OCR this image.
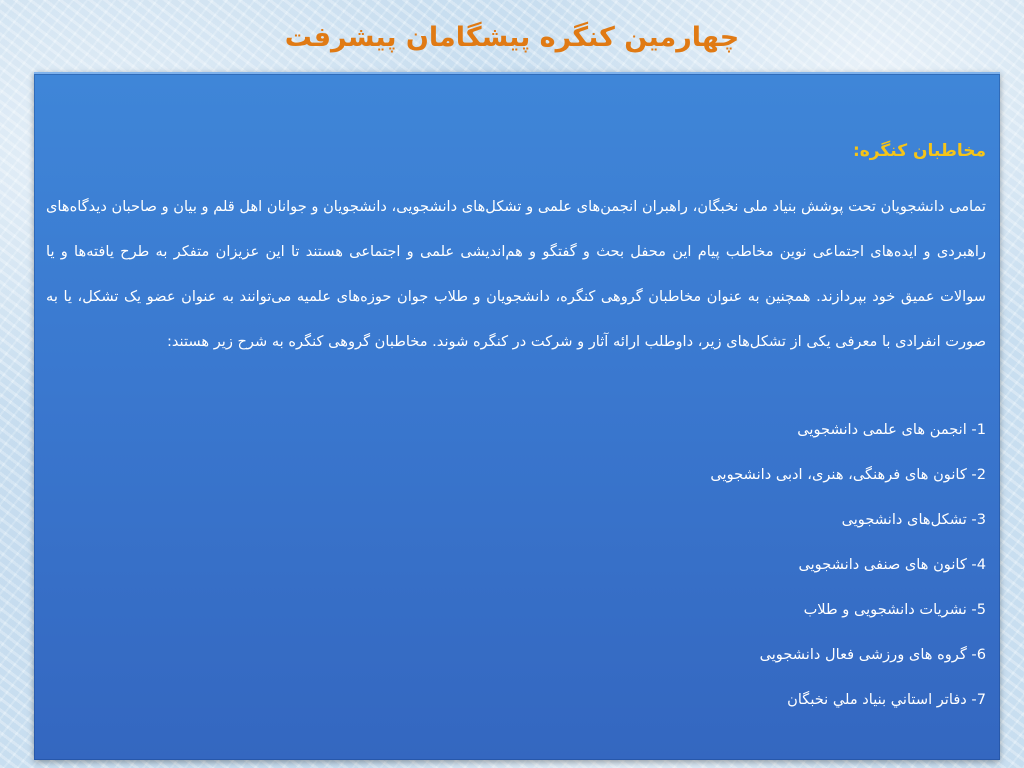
چهارمین کنگره پیشگامان پیشرفت
مخاطبان کنگره:

تمامی دانشجویان تحت پوشش بنیاد ملی نخبگان، راهبران انجمن‌های علمی و تشکل‌های دانشجویی، دانشجویان و جوانان اهل قلم و بیان و صاحبان دیدگاه‌های راهبردی و ایده‌های اجتماعی نوین مخاطب پیام این محفل بحث و گفتگو و هم‌اندیشی علمی و اجتماعی هستند تا این عزیزان متفکر به طرح یافته‌ها و یا سوالات عمیق خود بپردازند. همچنین به عنوان مخاطبان گروهی کنگره، دانشجویان و طلاب جوان حوزه‌های علمیه می‌توانند به عنوان عضو یک تشکل، یا به صورت انفرادی با معرفی یکی از تشکل‌های زیر، داوطلب ارائه آثار و شرکت در کنگره شوند. مخاطبان گروهی کنگره به شرح زیر هستند:

1- انجمن های علمی دانشجویی
2- کانون های فرهنگی، هنری، ادبی دانشجویی
3- تشکل‌های دانشجویی
4- کانون های صنفی دانشجویی
5- نشریات دانشجویی و طلاب
6- گروه های ورزشی فعال دانشجویی
7- دفاتر استاني بنياد ملي نخبگان
